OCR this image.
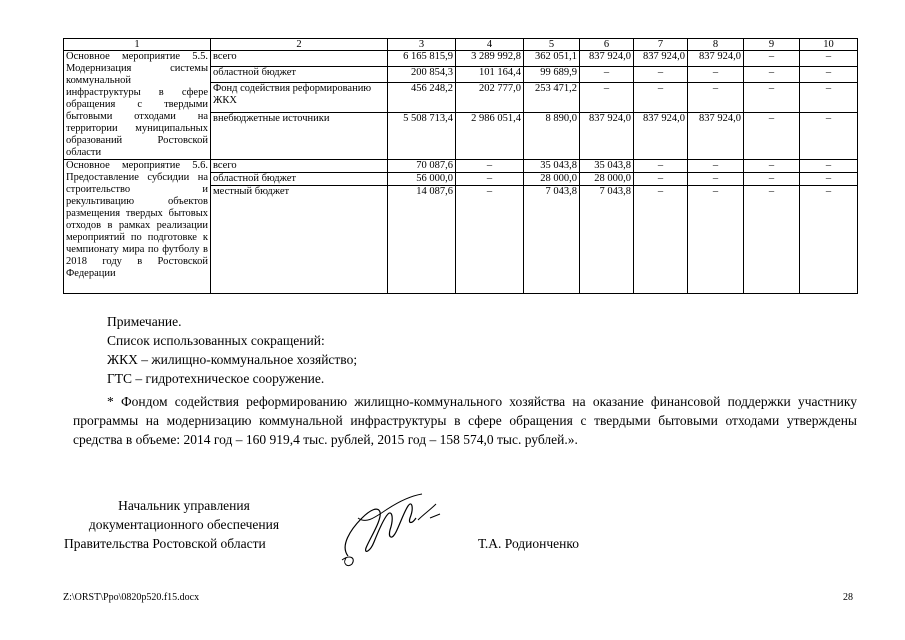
1	2	3	4	5	6	7	8	9	10
Основное мероприятие 5.5. Модернизация системы коммунальной инфраструктуры в сфере обращения с твердыми бытовыми отходами на территории муниципальных образований Ростовской области	всего	6 165 815,9	3 289 992,8	362 051,1	837 924,0	837 924,0	837 924,0	–	–
	областной бюджет	200 854,3	101 164,4	99 689,9	–	–	–	–	–
	Фонд содействия реформированию ЖКХ	456 248,2	202 777,0	253 471,2	–	–	–	–	–
	внебюджетные источники	5 508 713,4	2 986 051,4	8 890,0	837 924,0	837 924,0	837 924,0	–	–
Основное мероприятие 5.6. Предоставление субсидии на строительство и рекультивацию объектов размещения твердых бытовых отходов в рамках реализации мероприятий по подготовке к чемпионату мира по футболу в 2018 году в Ростовской Федерации	всего	70 087,6	–	35 043,8	35 043,8	–	–	–	–
	областной бюджет	56 000,0	–	28 000,0	28 000,0	–	–	–	–
	местный бюджет	14 087,6	–	7 043,8	7 043,8	–	–	–	–
Примечание.
Список использованных сокращений:
ЖКХ – жилищно-коммунальное хозяйство;
ГТС – гидротехническое сооружение.
* Фондом содействия реформированию жилищно-коммунального хозяйства на оказание финансовой поддержки участнику программы на модернизацию коммунальной инфраструктуры в сфере обращения с твердыми бытовыми отходами утверждены средства в объеме: 2014 год – 160 919,4 тыс. рублей, 2015 год – 158 574,0 тыс. рублей.».
Начальник управления
документационного обеспечения
Правительства Ростовской области	Т.А. Родионченко
Z:\ORST\Ppo\0820p520.f15.docx	28
